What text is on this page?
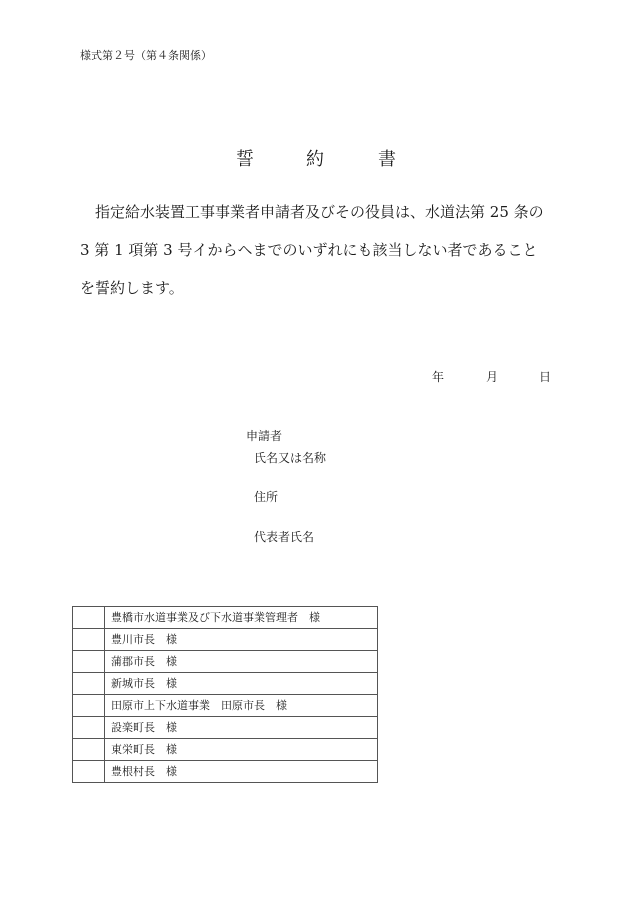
様式第２号（第４条関係）
誓	約	書

指定給水装置工事事業者申請者及びその役員は、水道法第 25 条の
3 第 1 項第 3 号イからヘまでのいずれにも該当しない者であること
を誓約します。

年	月	日
申請者
氏名又は名称
住所
代表者氏名
	豊橋市水道事業及び下水道事業管理者　様
	豊川市長　様
	蒲郡市長　様
	新城市長　様
	田原市上下水道事業　田原市長　様
	設楽町長　様
	東栄町長　様
	豊根村長　様
